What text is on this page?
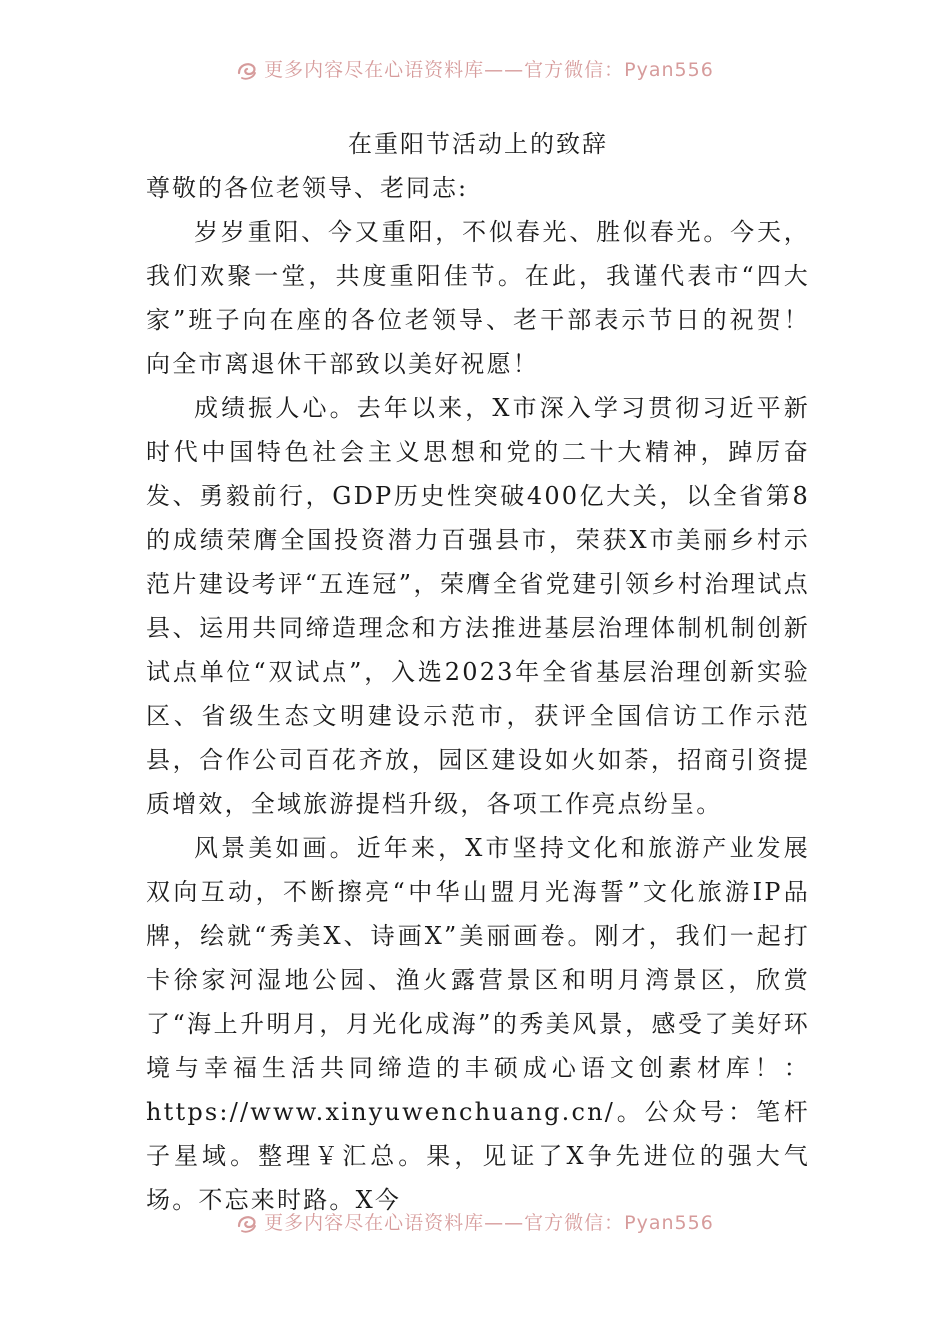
更多内容尽在心语资料库——官方微信：Pyan556
在重阳节活动上的致辞

尊敬的各位老领导、老同志:

岁岁重阳、今又重阳，不似春光、胜似春光。今天，我们欢聚一堂，共度重阳佳节。在此，我谨代表市“四大家”班子向在座的各位老领导、老干部表示节日的祝贺！向全市离退休干部致以美好祝愿！

成绩振人心。去年以来，X市深入学习贯彻习近平新时代中国特色社会主义思想和党的二十大精神，踔厉奋发、勇毅前行，GDP历史性突破400亿大关，以全省第8的成绩荣膺全国投资潜力百强县市，荣获X市美丽乡村示范片建设考评“五连冠”，荣膺全省党建引领乡村治理试点县、运用共同缔造理念和方法推进基层治理体制机制创新试点单位“双试点”，入选2023年全省基层治理创新实验区、省级生态文明建设示范市，获评全国信访工作示范县，合作公司百花齐放，园区建设如火如荼，招商引资提质增效，全域旅游提档升级，各项工作亮点纷呈。

风景美如画。近年来，X市坚持文化和旅游产业发展双向互动，不断擦亮“中华山盟月光海誓”文化旅游IP品牌，绘就“秀美X、诗画X”美丽画卷。刚才，我们一起打卡徐家河湿地公园、渔火露营景区和明月湾景区，欣赏了“海上升明月，月光化成海”的秀美风景，感受了美好环境与幸福生活共同缔造的丰硕成心语文创素材库！：https://www.xinyuwenchuang.cn/。公众号：笔杆子星域。整理￥汇总。果，见证了X争先进位的强大气场。不忘来时路。X今

更多内容尽在心语资料库——官方微信：Pyan556
